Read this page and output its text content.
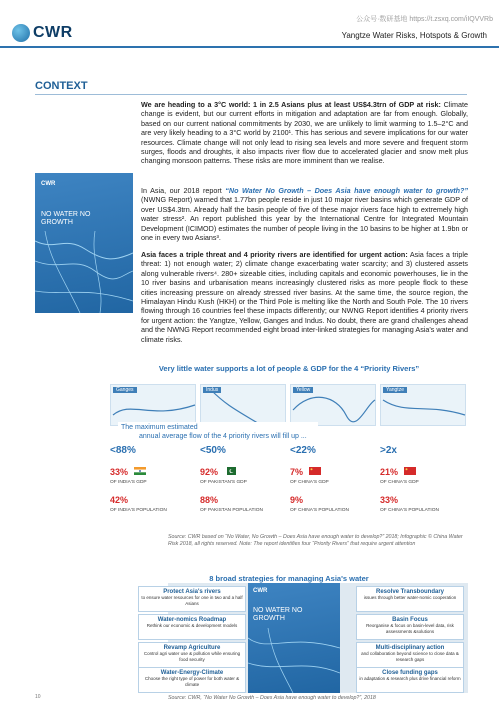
CWR
公众号·数研基地 https://t.zsxq.com/iIQVVRb
Yangtze Water Risks, Hotspots & Growth
CONTEXT
CWR
NO WATER NO GROWTH
We are heading to a 3°C world: 1 in 2.5 Asians plus at least US$4.3trn of GDP at risk: Climate change is evident, but our current efforts in mitigation and adaptation are far from enough. Globally, based on our current national commitments by 2030, we are unlikely to limit warming to 1.5–2°C and are very likely heading to a 3°C world by 2100¹. This has serious and severe implications for our water resources. Climate change will not only lead to rising sea levels and more severe and frequent storm surges, floods and droughts, it also impacts river flow due to accelerated glacier and snow melt plus changing monsoon patterns. These risks are more imminent than we realise.
In Asia, our 2018 report “No Water No Growth – Does Asia have enough water to growth?” (NWNG Report) warned that 1.77bn people reside in just 10 major river basins which generate GDP of over US$4.3trn. Already half the basin people of five of these major rivers face high to extremely high water stress². An report published this year by the International Centre for Integrated Mountain Development (ICIMOD) estimates the number of people living in the 10 basins to be higher at 1.9bn or one in every two Asians³.
Asia faces a triple threat and 4 priority rivers are identified for urgent action: Asia faces a triple threat: 1) not enough water; 2) climate change exacerbating water scarcity; and 3) clustered assets along vulnerable rivers⁴. 280+ sizeable cities, including capitals and economic powerhouses, lie in the 10 river basins and urbanisation means increasingly clustered risks as more people flock to these cities increasing pressure on already stressed river basins. At the same time, the source region, the Himalayan Hindu Kush (HKH) or the Third Pole is melting like the North and South Pole. The 10 rivers flowing through 16 countries feel these impacts differently; our NWNG Report identifies 4 priority rivers for urgent action: the Yangtze, Yellow, Ganges and Indus. No doubt, there are grand challenges ahead and the NWNG Report recommended eight broad inter-linked strategies for managing Asia's water and climate risks.
Very little water supports a lot of people & GDP for the 4 “Priority Rivers”
Ganges	Indus	Yellow	Yangtze
The maximum estimated
annual average flow of the 4 priority rivers will fill up ...
<88%
33%
OF INDIA'S GDP
42%
OF INDIA'S POPULATION
<50%
92%
OF PAKISTAN'S GDP
88%
OF PAKISTAN POPULATION
<22%
7%
OF CHINA'S GDP
9%
OF CHINA'S POPULATION
>2x
21%
OF CHINA'S GDP
33%
OF CHINA'S POPULATION
Source: CWR based on “No Water, No Growth – Does Asia have enough water to develop?” 2018; Infographic © China Water Risk 2018, all rights reserved. Note: The report identifies four “Priority Rivers” that require urgent attention
8 broad strategies for managing Asia's water
CWR
NO WATER NO GROWTH
Protect Asia's rivers
to ensure water resources for one in two and a half Asians
Water-nomics Roadmap
Rethink our economic & development models
Revamp Agriculture
Control agri water use & pollution while ensuring food security
Water-Energy-Climate
Choose the right type of power for both water & climate
Resolve Transboundary
issues through better water-nomic cooperation
Basin Focus
Reorganise & focus on basin-level data, risk assessments &solutions
Multi-disciplinary action
and collaboration beyond science to close data & research gaps
Close funding gaps
in adaptation & research plus drive financial reform
Source: CWR, “No Water No Growth – Does Asia have enough water to develop?”, 2018
10
